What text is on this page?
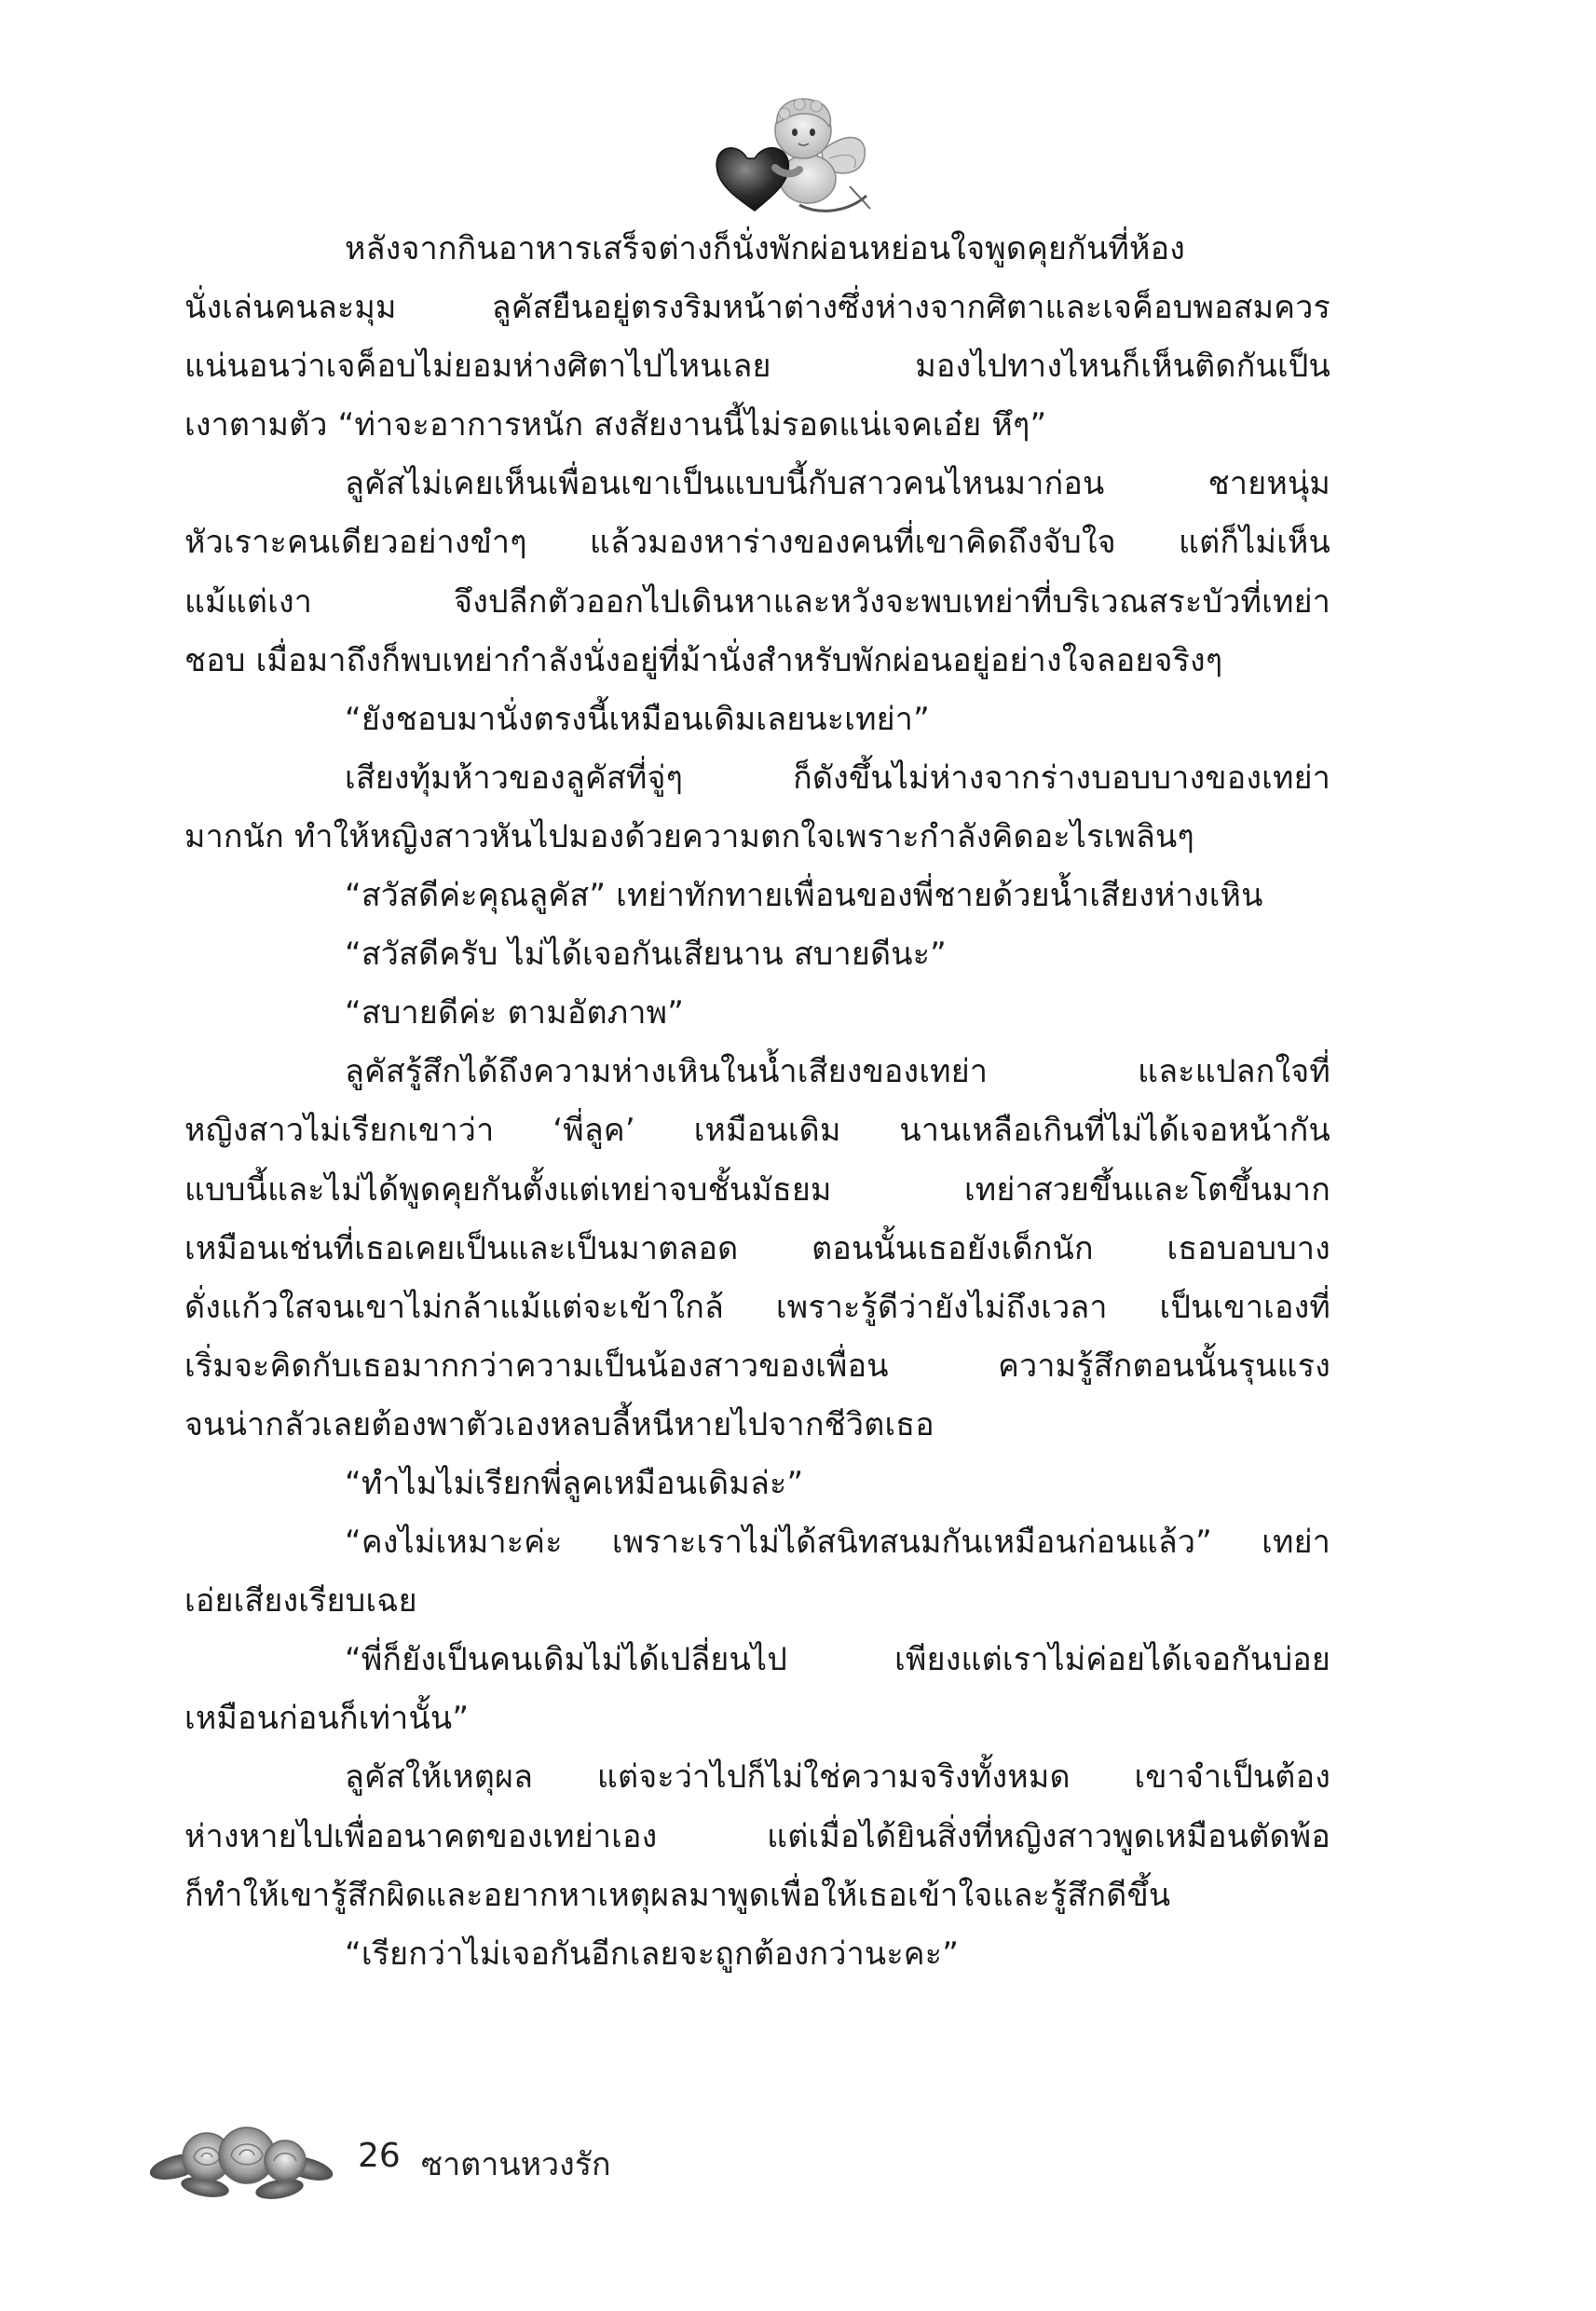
หลังจากกินอาหารเสร็จต่างก็นั่งพักผ่อนหย่อนใจพูดคุยกันที่ห้อง
นั่งเล่นคนละมุม ลูคัสยืนอยู่ตรงริมหน้าต่างซึ่งห่างจากศิตาและเจค็อบพอสมควร
แน่นอนว่าเจค็อบไม่ยอมห่างศิตาไปไหนเลย มองไปทางไหนก็เห็นติดกันเป็น
เงาตามตัว “ท่าจะอาการหนัก สงสัยงานนี้ไม่รอดแน่เจคเอ๋ย หึๆ”
ลูคัสไม่เคยเห็นเพื่อนเขาเป็นแบบนี้กับสาวคนไหนมาก่อน ชายหนุ่ม
หัวเราะคนเดียวอย่างขำๆ แล้วมองหาร่างของคนที่เขาคิดถึงจับใจ แต่ก็ไม่เห็น
แม้แต่เงา จึงปลีกตัวออกไปเดินหาและหวังจะพบเทย่าที่บริเวณสระบัวที่เทย่า
ชอบ เมื่อมาถึงก็พบเทย่ากำลังนั่งอยู่ที่ม้านั่งสำหรับพักผ่อนอยู่อย่างใจลอยจริงๆ
“ยังชอบมานั่งตรงนี้เหมือนเดิมเลยนะเทย่า”
เสียงทุ้มห้าวของลูคัสที่จู่ๆ ก็ดังขึ้นไม่ห่างจากร่างบอบบางของเทย่า
มากนัก ทำให้หญิงสาวหันไปมองด้วยความตกใจเพราะกำลังคิดอะไรเพลินๆ
“สวัสดีค่ะคุณลูคัส” เทย่าทักทายเพื่อนของพี่ชายด้วยน้ำเสียงห่างเหิน
“สวัสดีครับ ไม่ได้เจอกันเสียนาน สบายดีนะ”
“สบายดีค่ะ ตามอัตภาพ”
ลูคัสรู้สึกได้ถึงความห่างเหินในน้ำเสียงของเทย่า และแปลกใจที่
หญิงสาวไม่เรียกเขาว่า ‘พี่ลูค’ เหมือนเดิม นานเหลือเกินที่ไม่ได้เจอหน้ากัน
แบบนี้และไม่ได้พูดคุยกันตั้งแต่เทย่าจบชั้นมัธยม เทย่าสวยขึ้นและโตขึ้นมาก
เหมือนเช่นที่เธอเคยเป็นและเป็นมาตลอด ตอนนั้นเธอยังเด็กนัก เธอบอบบาง
ดั่งแก้วใสจนเขาไม่กล้าแม้แต่จะเข้าใกล้ เพราะรู้ดีว่ายังไม่ถึงเวลา เป็นเขาเองที่
เริ่มจะคิดกับเธอมากกว่าความเป็นน้องสาวของเพื่อน ความรู้สึกตอนนั้นรุนแรง
จนน่ากลัวเลยต้องพาตัวเองหลบลี้หนีหายไปจากชีวิตเธอ
“ทำไมไม่เรียกพี่ลูคเหมือนเดิมล่ะ”
“คงไม่เหมาะค่ะ เพราะเราไม่ได้สนิทสนมกันเหมือนก่อนแล้ว” เทย่า
เอ่ยเสียงเรียบเฉย
“พี่ก็ยังเป็นคนเดิมไม่ได้เปลี่ยนไป เพียงแต่เราไม่ค่อยได้เจอกันบ่อย
เหมือนก่อนก็เท่านั้น”
ลูคัสให้เหตุผล แต่จะว่าไปก็ไม่ใช่ความจริงทั้งหมด เขาจำเป็นต้อง
ห่างหายไปเพื่ออนาคตของเทย่าเอง แต่เมื่อได้ยินสิ่งที่หญิงสาวพูดเหมือนตัดพ้อ
ก็ทำให้เขารู้สึกผิดและอยากหาเหตุผลมาพูดเพื่อให้เธอเข้าใจและรู้สึกดีขึ้น
“เรียกว่าไม่เจอกันอีกเลยจะถูกต้องกว่านะคะ”
26 ซาตานหวงรัก
